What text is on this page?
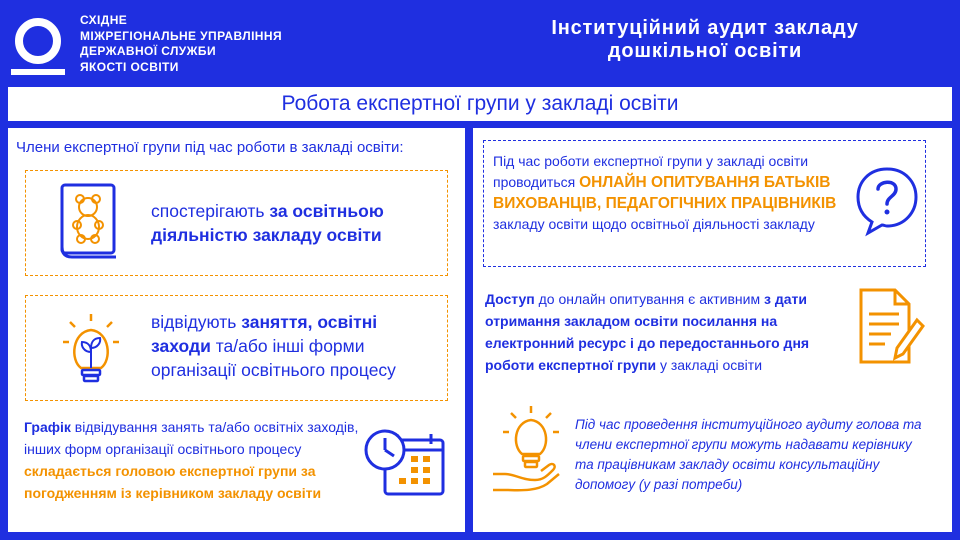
СХІДНЕ
МІЖРЕГІОНАЛЬНЕ УПРАВЛІННЯ
ДЕРЖАВНОЇ СЛУЖБИ
ЯКОСТІ ОСВІТИ
Інституційний аудит закладу
дошкільної освіти
Робота експертної групи у закладі освіти
Члени експертної групи під час роботи в закладі освіти:
спостерігають за освітньою діяльністю закладу освіти
відвідують заняття, освітні заходи та/або інші форми організації освітнього процесу
Графік відвідування занять та/або освітніх заходів, інших форм організації освітнього процесу складається головою експертної групи за погодженням із керівником закладу освіти
Під час роботи експертної групи у закладі освіти проводиться ОНЛАЙН ОПИТУВАННЯ БАТЬКІВ ВИХОВАНЦІВ, ПЕДАГОГІЧНИХ ПРАЦІВНИКІВ закладу освіти щодо освітньої діяльності закладу
Доступ до онлайн опитування є активним з дати отримання закладом освіти посилання на електронний ресурс і до передостаннього дня роботи експертної групи у закладі освіти
Під час проведення інституційного аудиту голова та члени експертної групи можуть надавати керівнику та працівникам закладу освіти консультаційну допомогу (у разі потреби)
